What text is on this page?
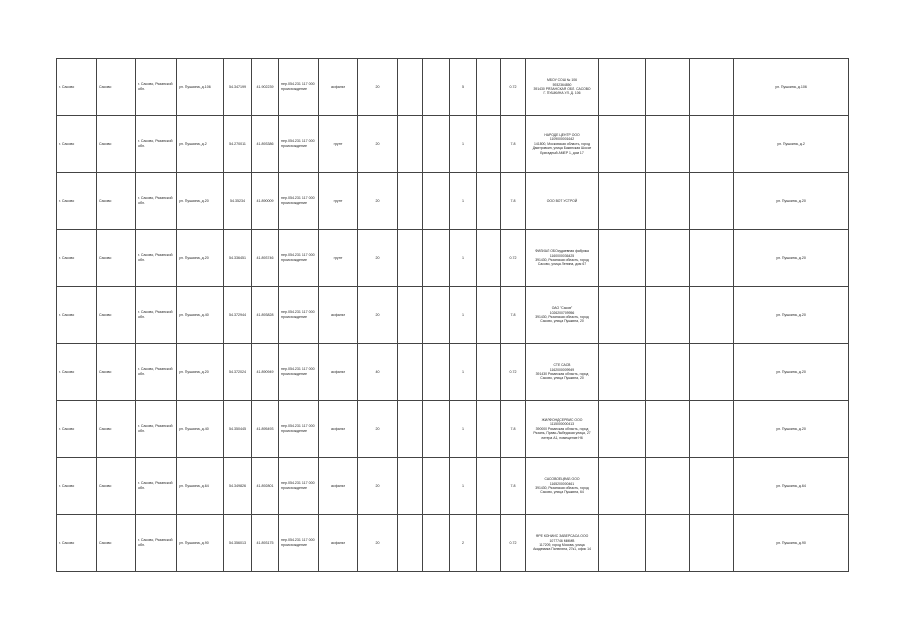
г. Сасово	Сасово	г. Сасово, Рязанской обл.	ул. Пушкина, д.106	54.347199	41.902239	пер.054.231 117 000 происхождение	асфальт	20			5		0.72	МБОУ СОШ № 106
5932364850
391430 РЯЗАНСКАЯ ОБЛ. САСОВО
Г. ПУШКИНА УЛ. Д. 106				ул. Пушкина, д.106
г. Сасово	Сасово	г. Сасово, Рязанской обл.	ул. Пушкина, д.2	54.270011	41.893386	пер.054.231 117 000 происхождение	грунт	20			1		7.8	НАРОДЕ ЦЕНТР ООО
1109000001642
141800, Московская область, город
Дмитровкин, улица Бакинская Шоссе
Бригадный АМЕР 1, дом 17				ул. Пушкина, д.2
г. Сасово	Сасово	г. Сасово, Рязанской обл.	ул. Пушкина, д.20	54.35234	41.890009	пер.054.231 117 000 происхождение	грунт	20			1		7.8	ООО ВОТ УСТРОЙ				ул. Пушкина, д.20
г. Сасово	Сасово	г. Сасово, Рязанской обл.	ул. Пушкина, д.20	54.336451	41.893746	пер.054.231 117 000 происхождение	грунт	20			1		0.72	ФИЛИАЛ ОБОсудаевная фабрика
1160000036425
391430, Рязанская область, город
Сасово, улица Ленина, дом 67				ул. Пушкина, д.20
г. Сасово	Сасово	г. Сасово, Рязанской обл.	ул. Пушкина, д.40	54.372944	41.893828	пер.054.231 117 000 происхождение	асфальт	20			1		7.8	ОАО "Сасов"
1026200709956
391430, Рязанская область, город
Сасово, улица Пушкина, 20				ул. Пушкина, д.20
г. Сасово	Сасово	г. Сасово, Рязанской обл.	ул. Пушкина, д.20	54.372024	41.890949	пер.054.231 117 000 происхождение	асфальт	40			1		0.72	СТЕ САСВ
1162000009949
391430 Рязанская область, город
Сасово, улица Пушкина, 20				ул. Пушкина, д.20
г. Сасово	Сасово	г. Сасово, Рязанской обл.	ул. Пушкина, д.40	54.350445	41.895493	пер.054.231 117 000 происхождение	асфальт	20			1		7.8	ЖИЛФОНДСЕРВИС ООО
1115000000413
390000 Рязанская область, город
Рязань, Право-Лыбедская улица, 27
литера А1, помещение Н6				ул. Пушкина, д.20
г. Сасово	Сасово	г. Сасово, Рязанской обл.	ул. Пушкина, д.64	54.349826	41.892801	пер.054.231 117 000 происхождение	асфальт	20			1		7.8	САСОВОЕЦФАБ ООО
1165200000461
391430, Рязанская область, город
Сасово, улица Пушкина, 64				ул. Пушкина, д.64
г. Сасово	Сасово	г. Сасово, Рязанской обл.	ул. Пушкина, д.90	54.356013	41.893175	пер.054.231 117 000 происхождение	асфальт	20			2		0.72	ФРЕ КОНИИС ЗАВЕРСАСА ООО
1077746 MMMB
117209, город Москва, улица
Академика Пилюгина, 27к1, офис 14				ул. Пушкина, д.90
